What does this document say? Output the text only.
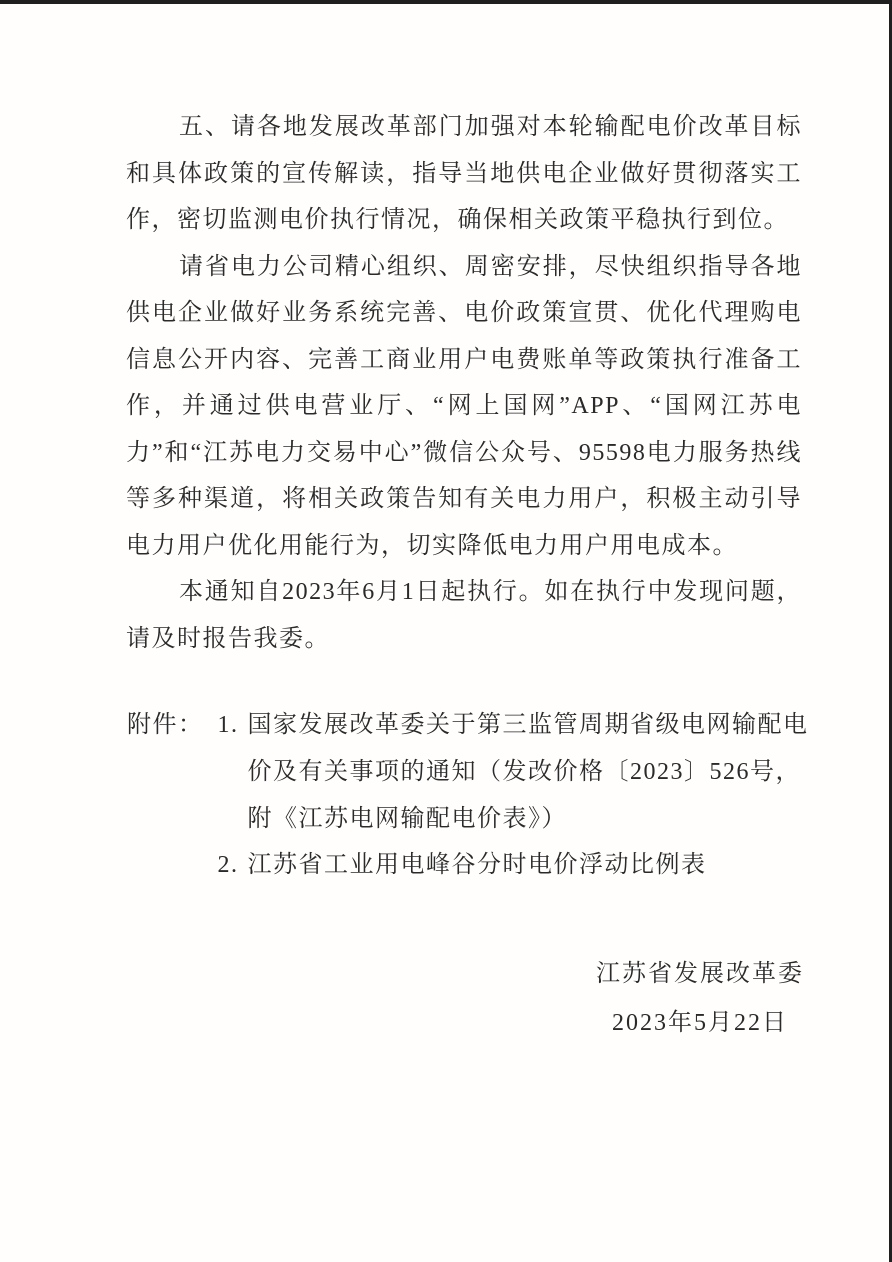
五、请各地发展改革部门加强对本轮输配电价改革目标和具体政策的宣传解读，指导当地供电企业做好贯彻落实工作，密切监测电价执行情况，确保相关政策平稳执行到位。

请省电力公司精心组织、周密安排，尽快组织指导各地供电企业做好业务系统完善、电价政策宣贯、优化代理购电信息公开内容、完善工商业用户电费账单等政策执行准备工作，并通过供电营业厅、“网上国网”APP、“国网江苏电力”和“江苏电力交易中心”微信公众号、95598电力服务热线等多种渠道，将相关政策告知有关电力用户，积极主动引导电力用户优化用能行为，切实降低电力用户用电成本。

本通知自2023年6月1日起执行。如在执行中发现问题，请及时报告我委。

附件： 1. 国家发展改革委关于第三监管周期省级电网输配电
价及有关事项的通知（发改价格〔2023〕526号，
附《江苏电网输配电价表》）
2. 江苏省工业用电峰谷分时电价浮动比例表
江苏省发展改革委
2023年5月22日
